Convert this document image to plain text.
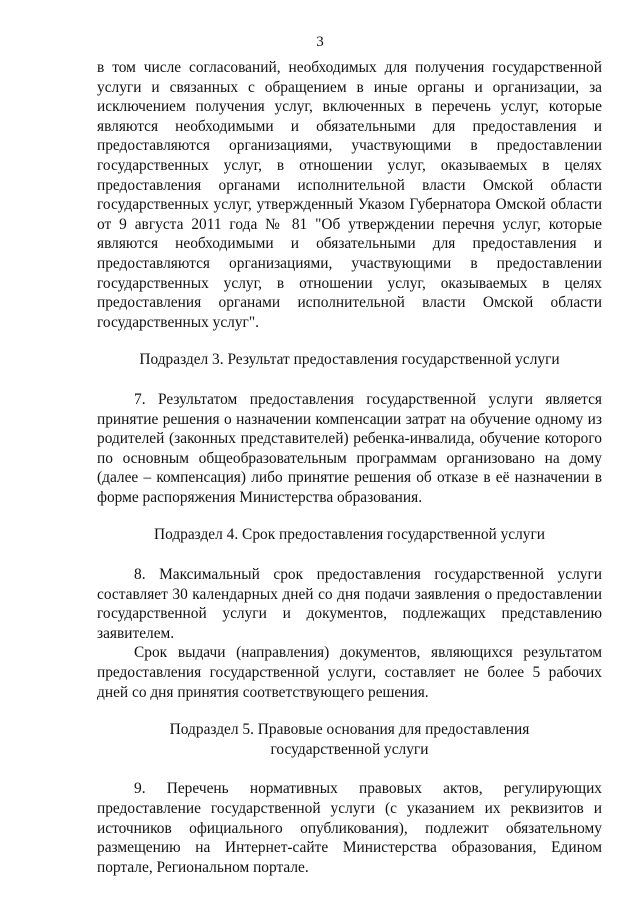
3

в том числе согласований, необходимых для получения государственной услуги и связанных с обращением в иные органы и организации, за исключением получения услуг, включенных в перечень услуг, которые являются необходимыми и обязательными для предоставления и предоставляются организациями, участвующими в предоставлении государственных услуг, в отношении услуг, оказываемых в целях предоставления органами исполнительной власти Омской области государственных услуг, утвержденный Указом Губернатора Омской области от 9 августа 2011 года № 81 "Об утверждении перечня услуг, которые являются необходимыми и обязательными для предоставления и предоставляются организациями, участвующими в предоставлении государственных услуг, в отношении услуг, оказываемых в целях предоставления органами исполнительной власти Омской области государственных услуг".

Подраздел 3. Результат предоставления государственной услуги

7. Результатом предоставления государственной услуги является принятие решения о назначении компенсации затрат на обучение одному из родителей (законных представителей) ребенка-инвалида, обучение которого по основным общеобразовательным программам организовано на дому (далее – компенсация) либо принятие решения об отказе в её назначении в форме распоряжения Министерства образования.

Подраздел 4. Срок предоставления государственной услуги

8. Максимальный срок предоставления государственной услуги составляет 30 календарных дней со дня подачи заявления о предоставлении государственной услуги и документов, подлежащих представлению заявителем.

Срок выдачи (направления) документов, являющихся результатом предоставления государственной услуги, составляет не более 5 рабочих дней со дня принятия соответствующего решения.

Подраздел 5. Правовые основания для предоставления
государственной услуги

9. Перечень нормативных правовых актов, регулирующих предоставление государственной услуги (с указанием их реквизитов и источников официального опубликования), подлежит обязательному размещению на Интернет-сайте Министерства образования, Едином портале, Региональном портале.
